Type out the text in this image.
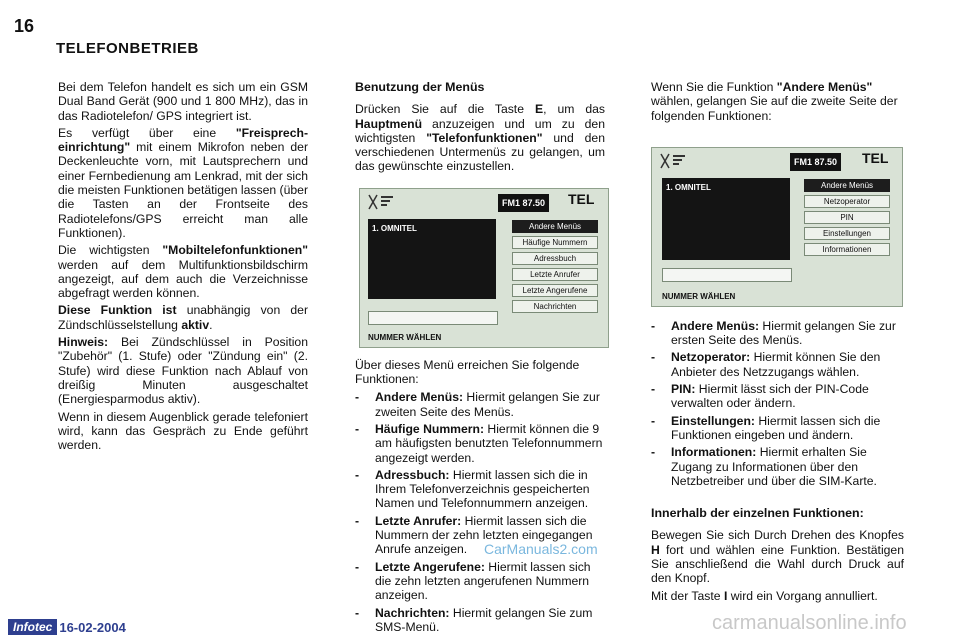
16
TELEFONBETRIEB

Bei dem Telefon handelt es sich um ein GSM Dual Band Gerät (900 und 1 800 MHz), das in das Radiotelefon/ GPS integriert ist.

Es verfügt über eine "Freisprecheinrichtung" mit einem Mikrofon neben der Deckenleuchte vorn, mit Lautsprechern und einer Fernbedienung am Lenkrad, mit der sich die meisten Funktionen betätigen lassen (über die Tasten an der Frontseite des Radiotelefons/GPS erreicht man alle Funktionen).

Die wichtigsten "Mobiltelefonfunktionen" werden auf dem Multifunktionsbildschirm angezeigt, auf dem auch die Verzeichnisse abgefragt werden können.

Diese Funktion ist unabhängig von der Zündschlüsselstellung aktiv.

Hinweis: Bei Zündschlüssel in Position "Zubehör" (1. Stufe) oder "Zündung ein" (2. Stufe) wird diese Funktion nach Ablauf von dreißig Minuten ausgeschaltet (Energiesparmodus aktiv).

Wenn in diesem Augenblick gerade telefoniert wird, kann das Gespräch zu Ende geführt werden.

Benutzung der Menüs

Drücken Sie auf die Taste E, um das Hauptmenü anzuzeigen und um zu den wichtigsten "Telefonfunktionen" und den verschiedenen Untermenüs zu gelangen, um das gewünschte einzustellen.

FM1 87.50 TEL
1. OMNITEL	Andere Menüs
Häufige Nummern
Adressbuch
Letzte Anrufer
Letzte Angerufene
Nachrichten
NUMMER WÄHLEN

Über dieses Menü erreichen Sie folgende Funktionen:

-	Andere Menüs: Hiermit gelangen Sie zur zweiten Seite des Menüs.
-	Häufige Nummern: Hiermit können die 9 am häufigsten benutzten Telefonnummern angezeigt werden.
-	Adressbuch: Hiermit lassen sich die in Ihrem Telefonverzeichnis gespeicherten Namen und Telefonnummern anzeigen.
-	Letzte Anrufer: Hiermit lassen sich die Nummern der zehn letzten eingegangen Anrufe anzeigen.
-	Letzte Angerufene: Hiermit lassen sich die zehn letzten angerufenen Nummern anzeigen.
-	Nachrichten: Hiermit gelangen Sie zum SMS-Menü.

Wenn Sie die Funktion "Andere Menüs" wählen, gelangen Sie auf die zweite Seite der folgenden Funktionen:

FM1 87.50 TEL
1. OMNITEL	Andere Menüs
Netzoperator
PIN
Einstellungen
Informationen
NUMMER WÄHLEN
-	Andere Menüs: Hiermit gelangen Sie zur ersten Seite des Menüs.
-	Netzoperator: Hiermit können Sie den Anbieter des Netzzugangs wählen.
-	PIN: Hiermit lässt sich der PIN-Code verwalten oder ändern.
-	Einstellungen: Hiermit lassen sich die Funktionen eingeben und ändern.
-	Informationen: Hiermit erhalten Sie Zugang zu Informationen über den Netzbetreiber und über die SIM-Karte.

Innerhalb der einzelnen Funktionen:

Bewegen Sie sich Durch Drehen des Knopfes H fort und wählen eine Funktion. Bestätigen Sie anschließend die Wahl durch Druck auf den Knopf.

Mit der Taste I wird ein Vorgang annulliert.

CarManuals2.com
carmanualsonline.info
Infotec 16-02-2004
